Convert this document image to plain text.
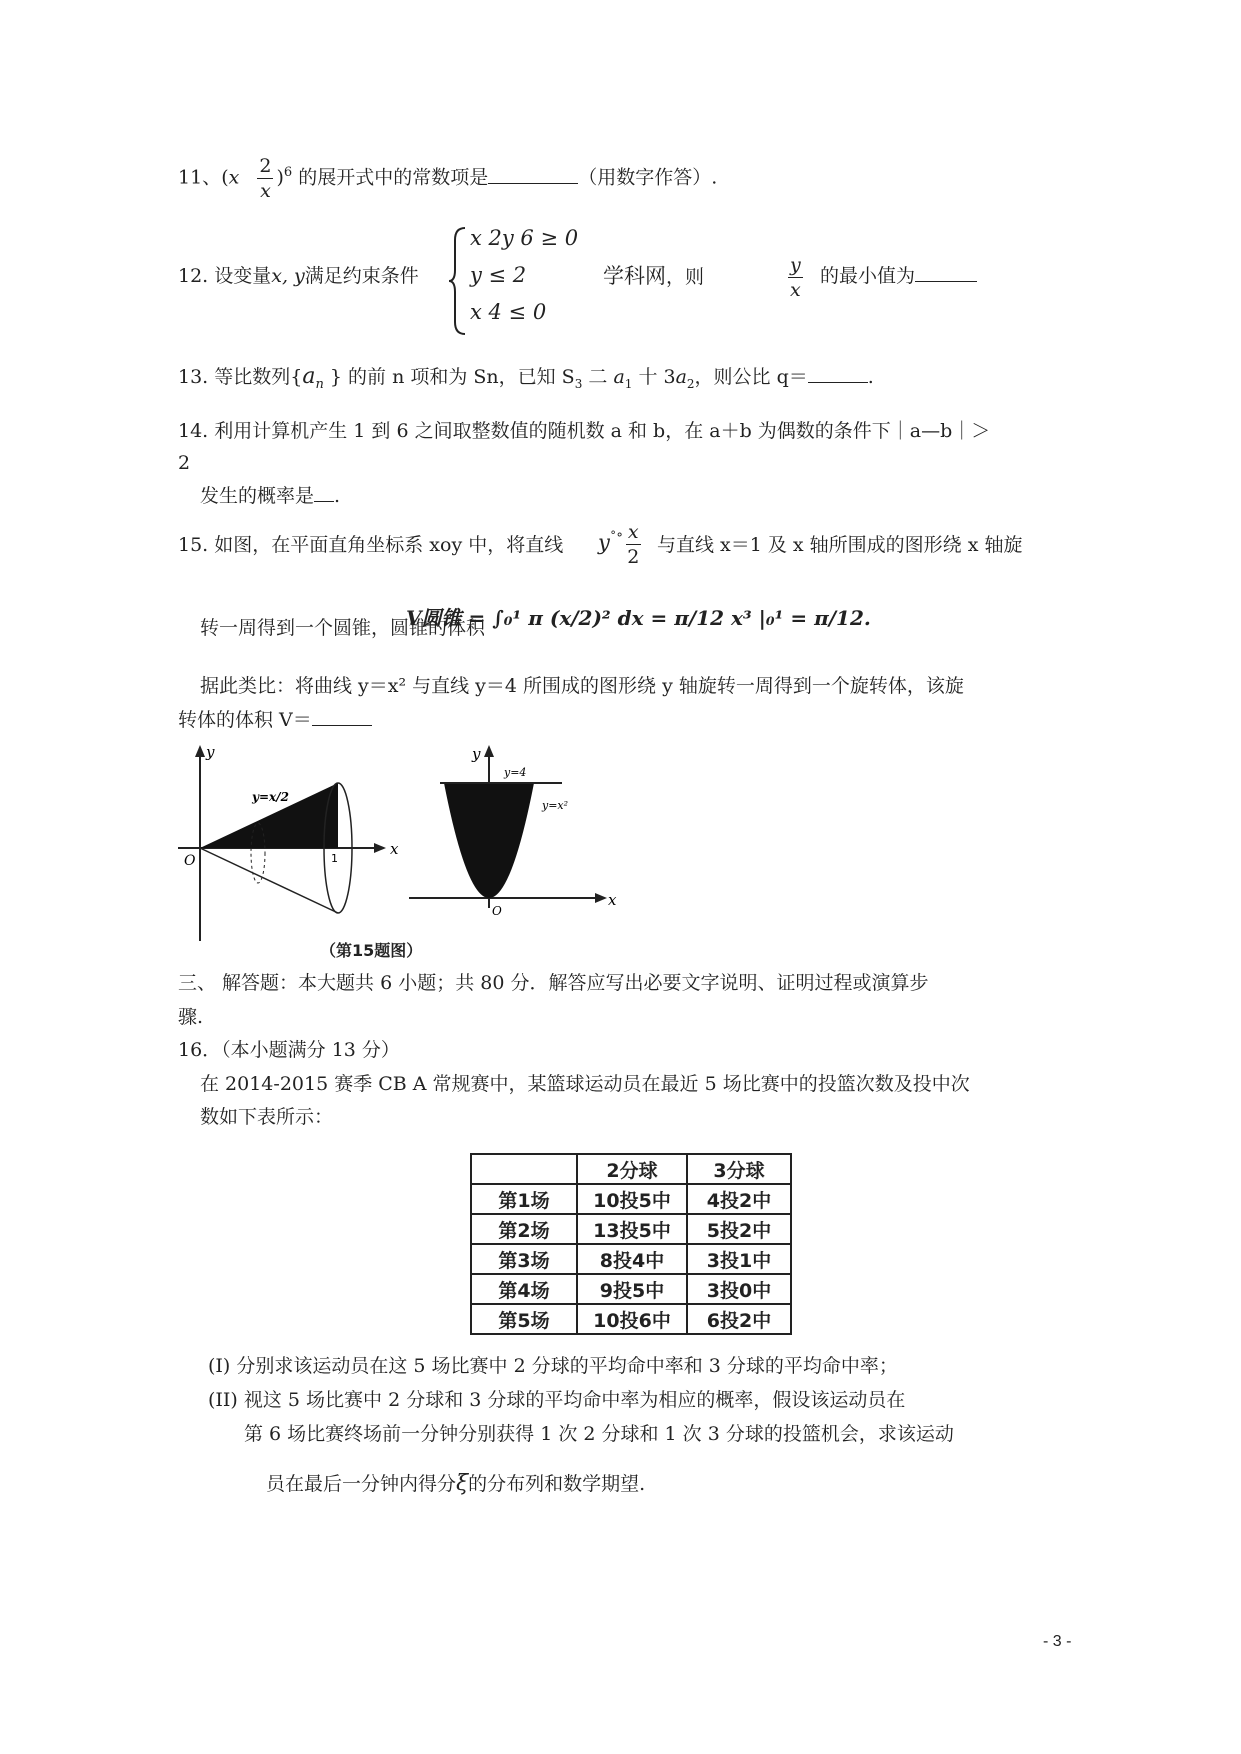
11、$(x \frac{2}{x} )^6$ 的展开式中的常数项是	（用数字作答）.
12. 设变量x, y满足约束条件
x 2y 6 ≥ 0
y ≤ 2
x 4 ≤ 0
学科网，则	$\frac{y}{x}$ 的最小值为
13. 等比数列{$a_n$ } 的前 n 项和为 Sn，已知 $S_3$ 二 $a_1$ 十 $3a_2$，则公比 q＝	.
14. 利用计算机产生 1 到 6 之间取整数值的随机数 a 和 b，在 a＋b 为偶数的条件下｜a—b｜＞
2
发生的概率是 .
15. 如图，在平面直角坐标系 xoy 中，将直线 $y^{˚^\circ} \frac{x}{2}$ 与直线 x＝1 及 x 轴所围成的图形绕 x 轴旋
转一周得到一个圆锥，圆锥的体积
V圆锥 = ∫₀¹ π (x/2)² dx = π/12 x³ |₀¹ = π/12.
据此类比：将曲线 y＝x² 与直线 y＝4 所围成的图形绕 y 轴旋转一周得到一个旋转体，该旋
转体的体积 V＝
y
x
O	1
y=x/2
y
x
y=4
y=x²
O
（第15题图）
三、 解答题：本大题共 6 小题；共 80 分．解答应写出必要文字说明、证明过程或演算步
骤.
16．（本小题满分 13 分）
在 2014-2015 赛季 CB A 常规赛中，某篮球运动员在最近 5 场比赛中的投篮次数及投中次
数如下表所示：
	2分球	3分球
第1场	10投5中	4投2中
第2场	13投5中	5投2中
第3场	8投4中	3投1中
第4场	9投5中	3投0中
第5场	10投6中	6投2中
(I) 分别求该运动员在这 5 场比赛中 2 分球的平均命中率和 3 分球的平均命中率；
(II) 视这 5 场比赛中 2 分球和 3 分球的平均命中率为相应的概率，假设该运动员在
第 6 场比赛终场前一分钟分别获得 1 次 2 分球和 1 次 3 分球的投篮机会，求该运动
员在最后一分钟内得分ξ的分布列和数学期望.
- 3 -
